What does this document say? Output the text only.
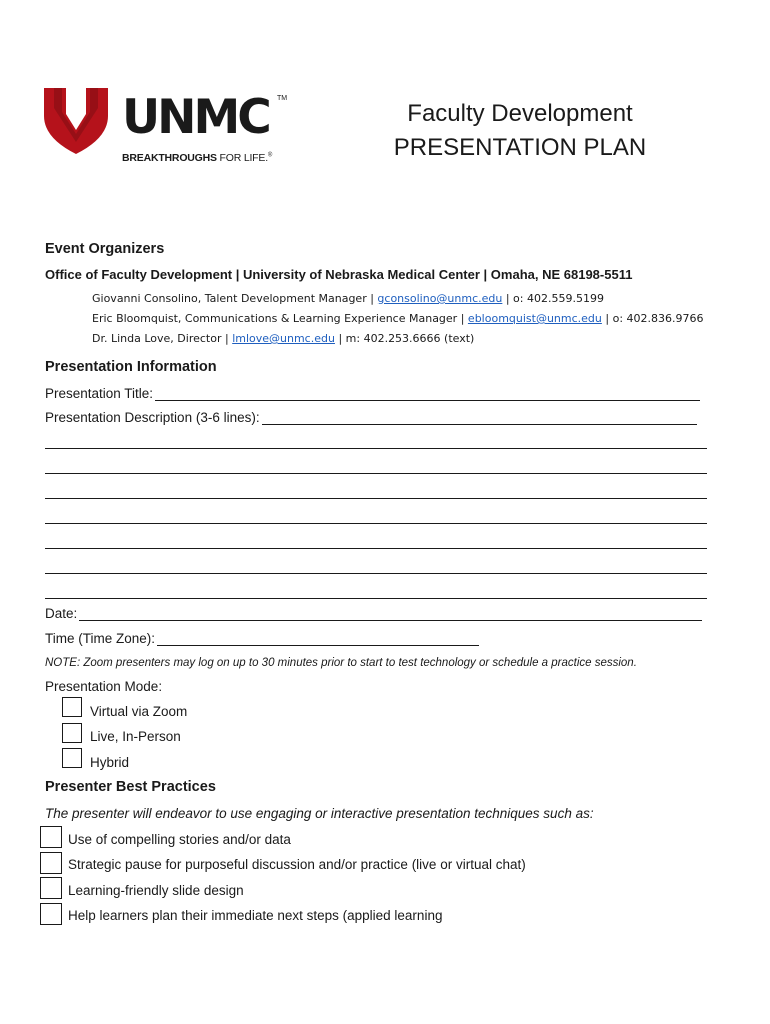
UNMC TM
BREAKTHROUGHS FOR LIFE.®
Faculty Development
PRESENTATION PLAN
Event Organizers
Office of Faculty Development | University of Nebraska Medical Center | Omaha, NE 68198-5511
Giovanni Consolino, Talent Development Manager | gconsolino@unmc.edu | o: 402.559.5199
Eric Bloomquist, Communications & Learning Experience Manager | ebloomquist@unmc.edu | o: 402.836.9766
Dr. Linda Love, Director | lmlove@unmc.edu | m: 402.253.6666 (text)
Presentation Information
Presentation Title:
Presentation Description (3-6 lines):
Date:
Time (Time Zone):
NOTE: Zoom presenters may log on up to 30 minutes prior to start to test technology or schedule a practice session.
Presentation Mode:
Virtual via Zoom
Live, In-Person
Hybrid
Presenter Best Practices
The presenter will endeavor to use engaging or interactive presentation techniques such as:
Use of compelling stories and/or data
Strategic pause for purposeful discussion and/or practice (live or virtual chat)
Learning-friendly slide design
Help learners plan their immediate next steps (applied learning
